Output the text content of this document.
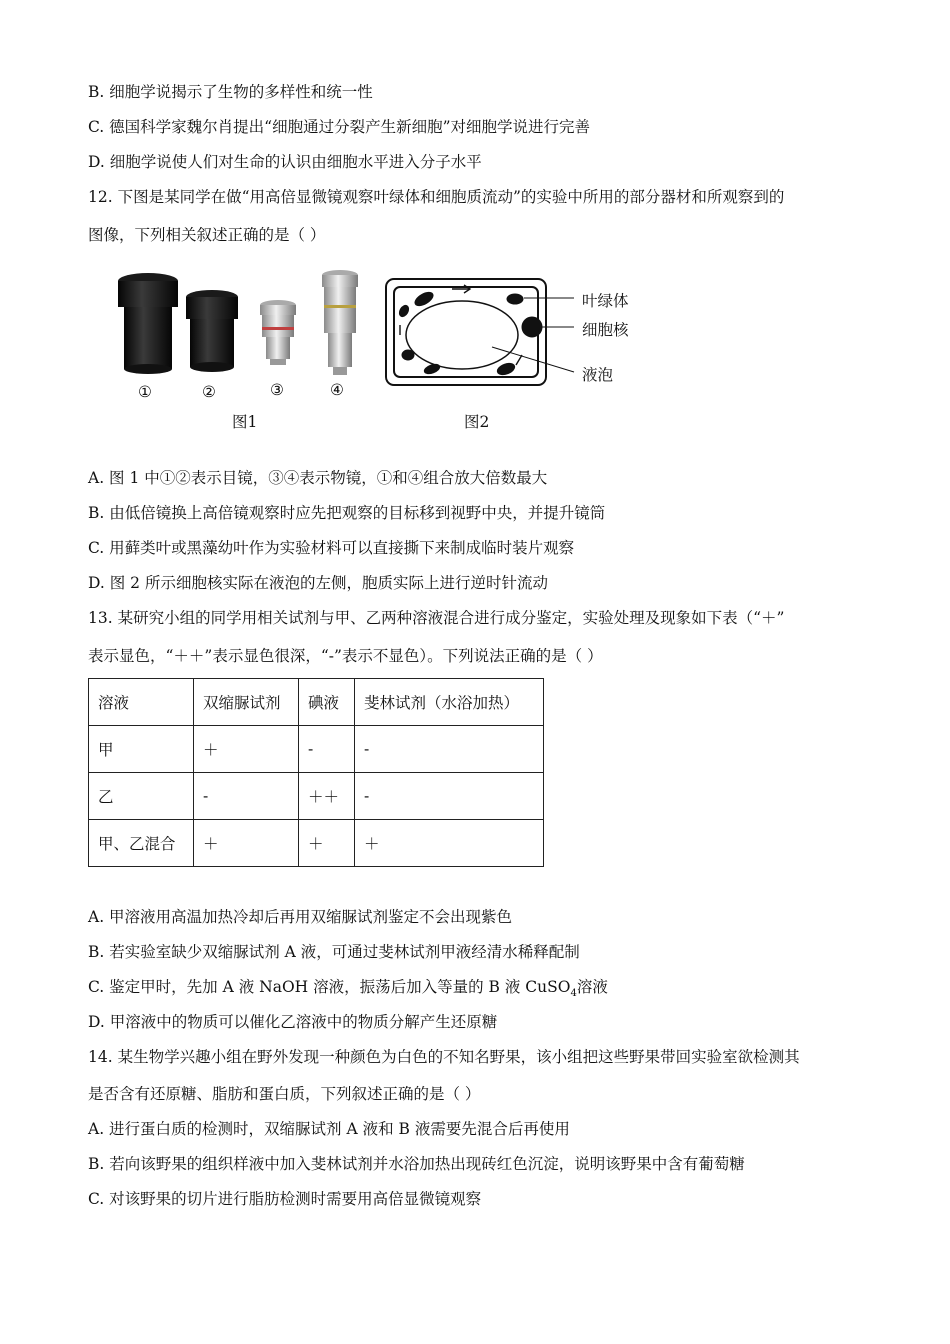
B. 细胞学说揭示了生物的多样性和统一性
C. 德国科学家魏尔肖提出“细胞通过分裂产生新细胞”对细胞学说进行完善
D. 细胞学说使人们对生命的认识由细胞水平进入分子水平
12. 下图是某同学在做“用高倍显微镜观察叶绿体和细胞质流动”的实验中所用的部分器材和所观察到的
图像，下列相关叙述正确的是（ ）
①	②	③	④
图1	图2
叶绿体
细胞核
液泡
A. 图 1 中①②表示目镜，③④表示物镜，①和④组合放大倍数最大
B. 由低倍镜换上高倍镜观察时应先把观察的目标移到视野中央，并提升镜筒
C. 用藓类叶或黑藻幼叶作为实验材料可以直接撕下来制成临时装片观察
D. 图 2 所示细胞核实际在液泡的左侧，胞质实际上进行逆时针流动
13. 某研究小组的同学用相关试剂与甲、乙两种溶液混合进行成分鉴定，实验处理及现象如下表（“＋”
表示显色，“＋＋”表示显色很深，“-”表示不显色）。下列说法正确的是（ ）
溶液	双缩脲试剂	碘液	斐林试剂（水浴加热）
甲	＋	-	-
乙	-	＋＋	-
甲、乙混合	＋	＋	＋
A. 甲溶液用高温加热冷却后再用双缩脲试剂鉴定不会出现紫色
B. 若实验室缺少双缩脲试剂 A 液，可通过斐林试剂甲液经清水稀释配制
C. 鉴定甲时，先加 A 液 NaOH 溶液，振荡后加入等量的 B 液 CuSO$_4$溶液
D. 甲溶液中的物质可以催化乙溶液中的物质分解产生还原糖
14. 某生物学兴趣小组在野外发现一种颜色为白色的不知名野果，该小组把这些野果带回实验室欲检测其
是否含有还原糖、脂肪和蛋白质，下列叙述正确的是（ ）
A. 进行蛋白质的检测时，双缩脲试剂 A 液和 B 液需要先混合后再使用
B. 若向该野果的组织样液中加入斐林试剂并水浴加热出现砖红色沉淀，说明该野果中含有葡萄糖
C. 对该野果的切片进行脂肪检测时需要用高倍显微镜观察
